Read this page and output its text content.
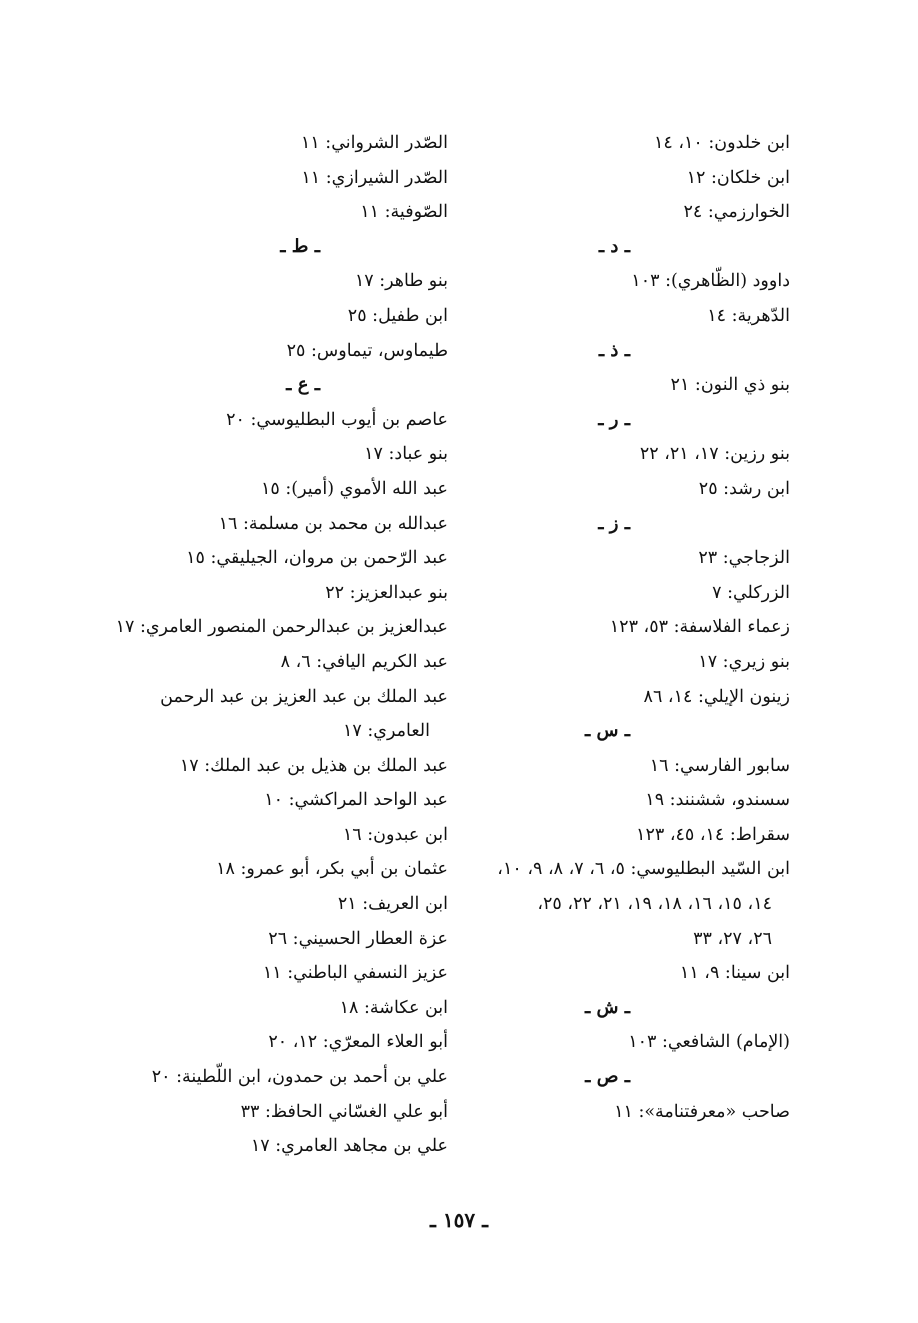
ابن خلدون: ١٠، ١٤
ابن خلكان: ١٢
الخوارزمي: ٢٤
ـ د ـ
داوود (الظّاهري): ١٠٣
الدّهرية: ١٤
ـ ذ ـ
بنو ذي النون: ٢١
ـ ر ـ
بنو رزين: ١٧، ٢١، ٢٢
ابن رشد: ٢٥
ـ ز ـ
الزجاجي: ٢٣
الزركلي: ٧
زعماء الفلاسفة: ٥٣، ١٢٣
بنو زيري: ١٧
زينون الإيلي: ١٤، ٨٦
ـ س ـ
سابور الفارسي: ١٦
سسندو، ششنند: ١٩
سقراط: ١٤، ٤٥، ١٢٣
ابن السّيد البطليوسي: ٥، ٦، ٧، ٨، ٩، ١٠،
١٤، ١٥، ١٦، ١٨، ١٩، ٢١، ٢٢، ٢٥،
٢٦، ٢٧، ٣٣
ابن سينا: ٩، ١١
ـ ش ـ
(الإمام) الشافعي: ١٠٣
ـ ص ـ
صاحب «معرفتنامة»: ١١
الصّدر الشرواني: ١١
الصّدر الشيرازي: ١١
الصّوفية: ١١
ـ ط ـ
بنو طاهر: ١٧
ابن طفيل: ٢٥
طيماوس، تيماوس: ٢٥
ـ ع ـ
عاصم بن أيوب البطليوسي: ٢٠
بنو عباد: ١٧
عبد الله الأموي (أمير): ١٥
عبدالله بن محمد بن مسلمة: ١٦
عبد الرّحمن بن مروان، الجيليقي: ١٥
بنو عبدالعزيز: ٢٢
عبدالعزيز بن عبدالرحمن المنصور العامري: ١٧
عبد الكريم اليافي: ٦، ٨
عبد الملك بن عبد العزيز بن عبد الرحمن
العامري: ١٧
عبد الملك بن هذيل بن عبد الملك: ١٧
عبد الواحد المراكشي: ١٠
ابن عبدون: ١٦
عثمان بن أبي بكر، أبو عمرو: ١٨
ابن العريف: ٢١
عزة العطار الحسيني: ٢٦
عزيز النسفي الباطني: ١١
ابن عكاشة: ١٨
أبو العلاء المعرّي: ١٢، ٢٠
علي بن أحمد بن حمدون، ابن اللّطينة: ٢٠
أبو علي الغسّاني الحافظ: ٣٣
علي بن مجاهد العامري: ١٧
ـ ١٥٧ ـ
